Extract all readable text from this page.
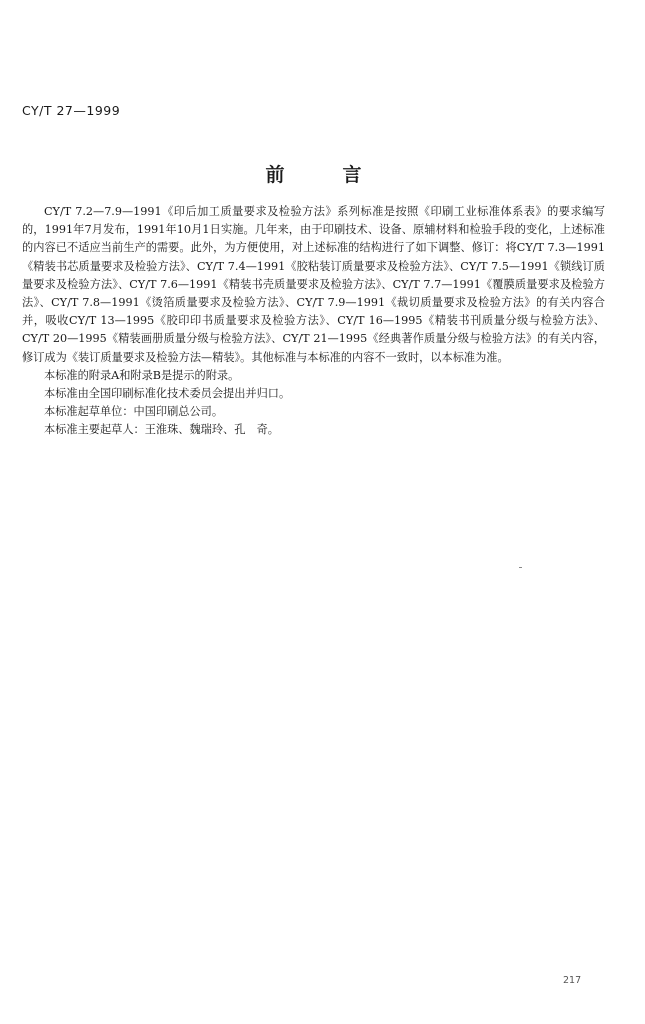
CY/T 27—1999
前言

CY/T 7.2—7.9—1991《印后加工质量要求及检验方法》系列标准是按照《印刷工业标准体系表》的要求编写的，1991年7月发布，1991年10月1日实施。几年来，由于印刷技术、设备、原辅材料和检验手段的变化，上述标准的内容已不适应当前生产的需要。此外，为方便使用，对上述标准的结构进行了如下调整、修订：将CY/T 7.3—1991《精装书芯质量要求及检验方法》、CY/T 7.4—1991《胶粘装订质量要求及检验方法》、CY/T 7.5—1991《锁线订质量要求及检验方法》、CY/T 7.6—1991《精装书壳质量要求及检验方法》、CY/T 7.7—1991《覆膜质量要求及检验方法》、CY/T 7.8—1991《烫箔质量要求及检验方法》、CY/T 7.9—1991《裁切质量要求及检验方法》的有关内容合并，吸收CY/T 13—1995《胶印印书质量要求及检验方法》、CY/T 16—1995《精装书刊质量分级与检验方法》、CY/T 20—1995《精装画册质量分级与检验方法》、CY/T 21—1995《经典著作质量分级与检验方法》的有关内容，修订成为《装订质量要求及检验方法—精装》。其他标准与本标准的内容不一致时，以本标准为准。

本标准的附录A和附录B是提示的附录。

本标准由全国印刷标准化技术委员会提出并归口。

本标准起草单位：中国印刷总公司。

本标准主要起草人：王淮珠、魏瑞玲、孔　奇。

217
